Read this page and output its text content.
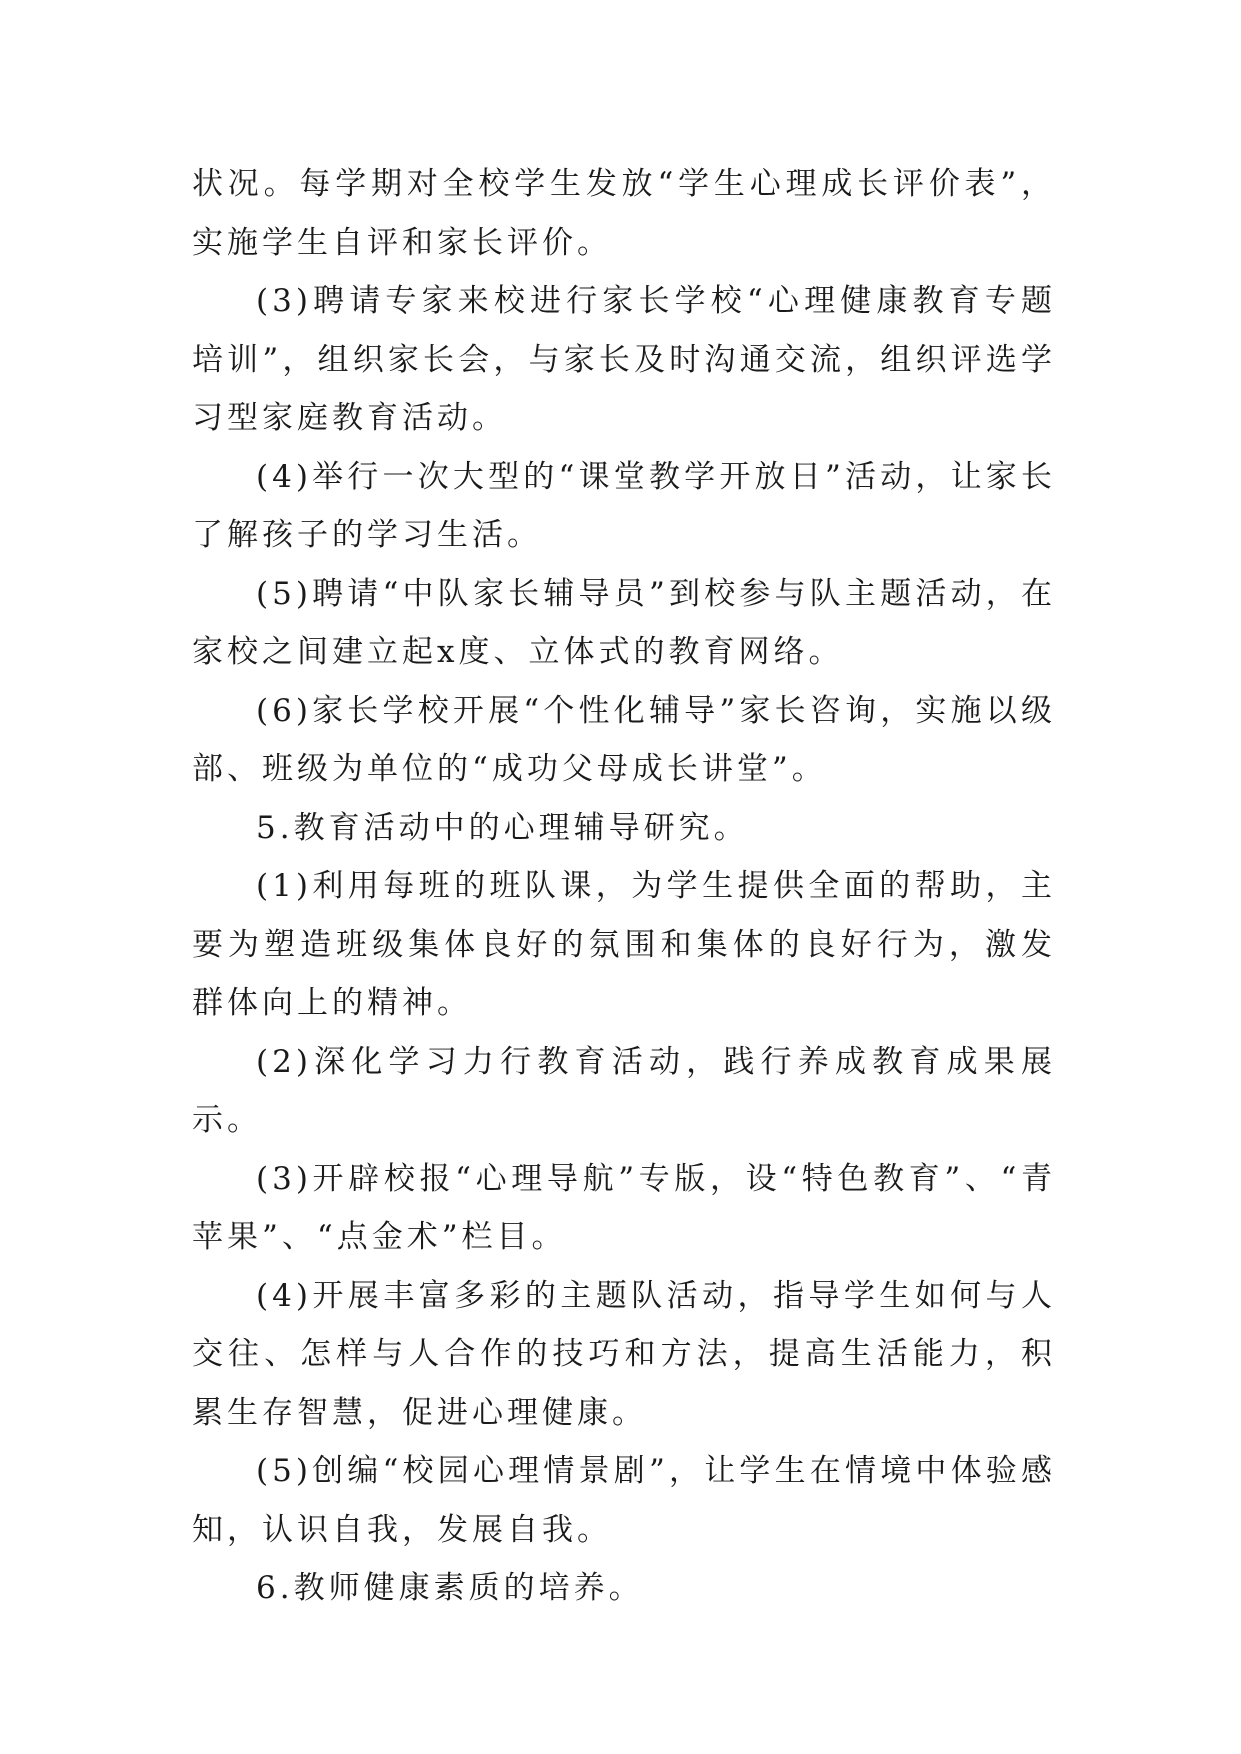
状况。每学期对全校学生发放“学生心理成长评价表”，实施学生自评和家长评价。

(3)聘请专家来校进行家长学校“心理健康教育专题培训”，组织家长会，与家长及时沟通交流，组织评选学习型家庭教育活动。

(4)举行一次大型的“课堂教学开放日”活动，让家长了解孩子的学习生活。

(5)聘请“中队家长辅导员”到校参与队主题活动，在家校之间建立起x度、立体式的教育网络。

(6)家长学校开展“个性化辅导”家长咨询，实施以级部、班级为单位的“成功父母成长讲堂”。

5.教育活动中的心理辅导研究。

(1)利用每班的班队课，为学生提供全面的帮助，主要为塑造班级集体良好的氛围和集体的良好行为，激发群体向上的精神。

(2)深化学习力行教育活动，践行养成教育成果展示。

(3)开辟校报“心理导航”专版，设“特色教育”、“青苹果”、“点金术”栏目。

(4)开展丰富多彩的主题队活动，指导学生如何与人交往、怎样与人合作的技巧和方法，提高生活能力，积累生存智慧，促进心理健康。

(5)创编“校园心理情景剧”，让学生在情境中体验感知，认识自我，发展自我。

6.教师健康素质的培养。
